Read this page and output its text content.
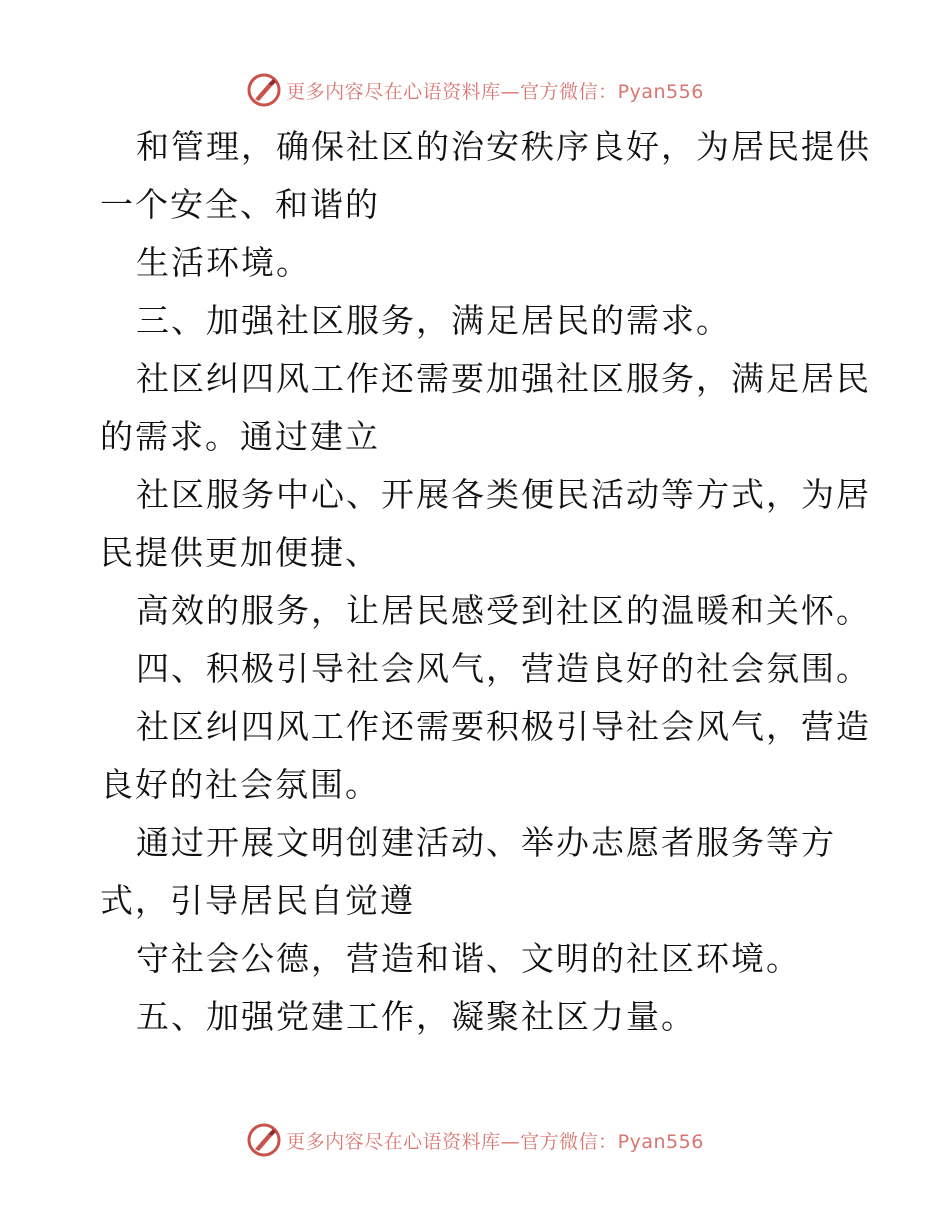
更多内容尽在心语资料库—官方微信：Pyan556
和管理，确保社区的治安秩序良好，为居民提供
一个安全、和谐的
生活环境。
三、加强社区服务，满足居民的需求。
社区纠四风工作还需要加强社区服务，满足居民
的需求。通过建立
社区服务中心、开展各类便民活动等方式，为居
民提供更加便捷、
高效的服务，让居民感受到社区的温暖和关怀。
四、积极引导社会风气，营造良好的社会氛围。
社区纠四风工作还需要积极引导社会风气，营造
良好的社会氛围。
通过开展文明创建活动、举办志愿者服务等方
式，引导居民自觉遵
守社会公德，营造和谐、文明的社区环境。
五、加强党建工作，凝聚社区力量。
更多内容尽在心语资料库—官方微信：Pyan556
